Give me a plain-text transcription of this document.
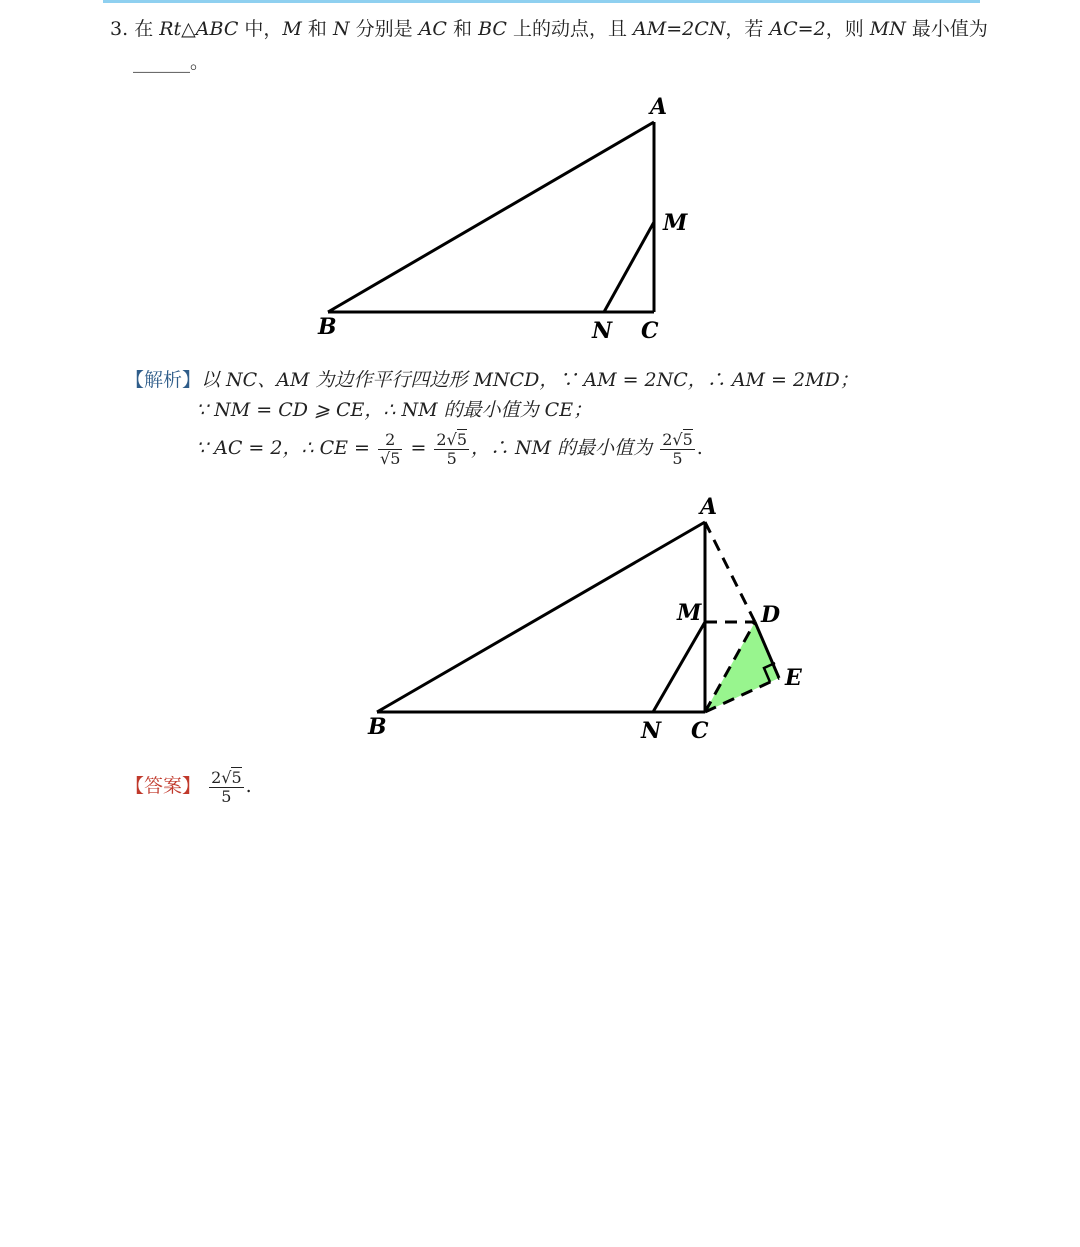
3. 在 Rt△ABC 中，M 和 N 分别是 AC 和 BC 上的动点，且 AM=2CN，若 AC=2，则 MN 最小值为
______。
A
M
B	N C
A
M	D
E
B	N C
【解析】以 NC、AM 为边作平行四边形 MNCD，∵ AM = 2NC，∴ AM = 2MD；
∵ NM = CD ⩾ CE，∴ NM 的最小值为 CE；
∵ AC = 2，∴ CE = $\frac{2}{√5} = \frac{2√5}{5}$ ，∴ NM 的最小值为 $\frac{2√5}{5}$ .
【答案】 $\frac{2√5}{5}$ .
